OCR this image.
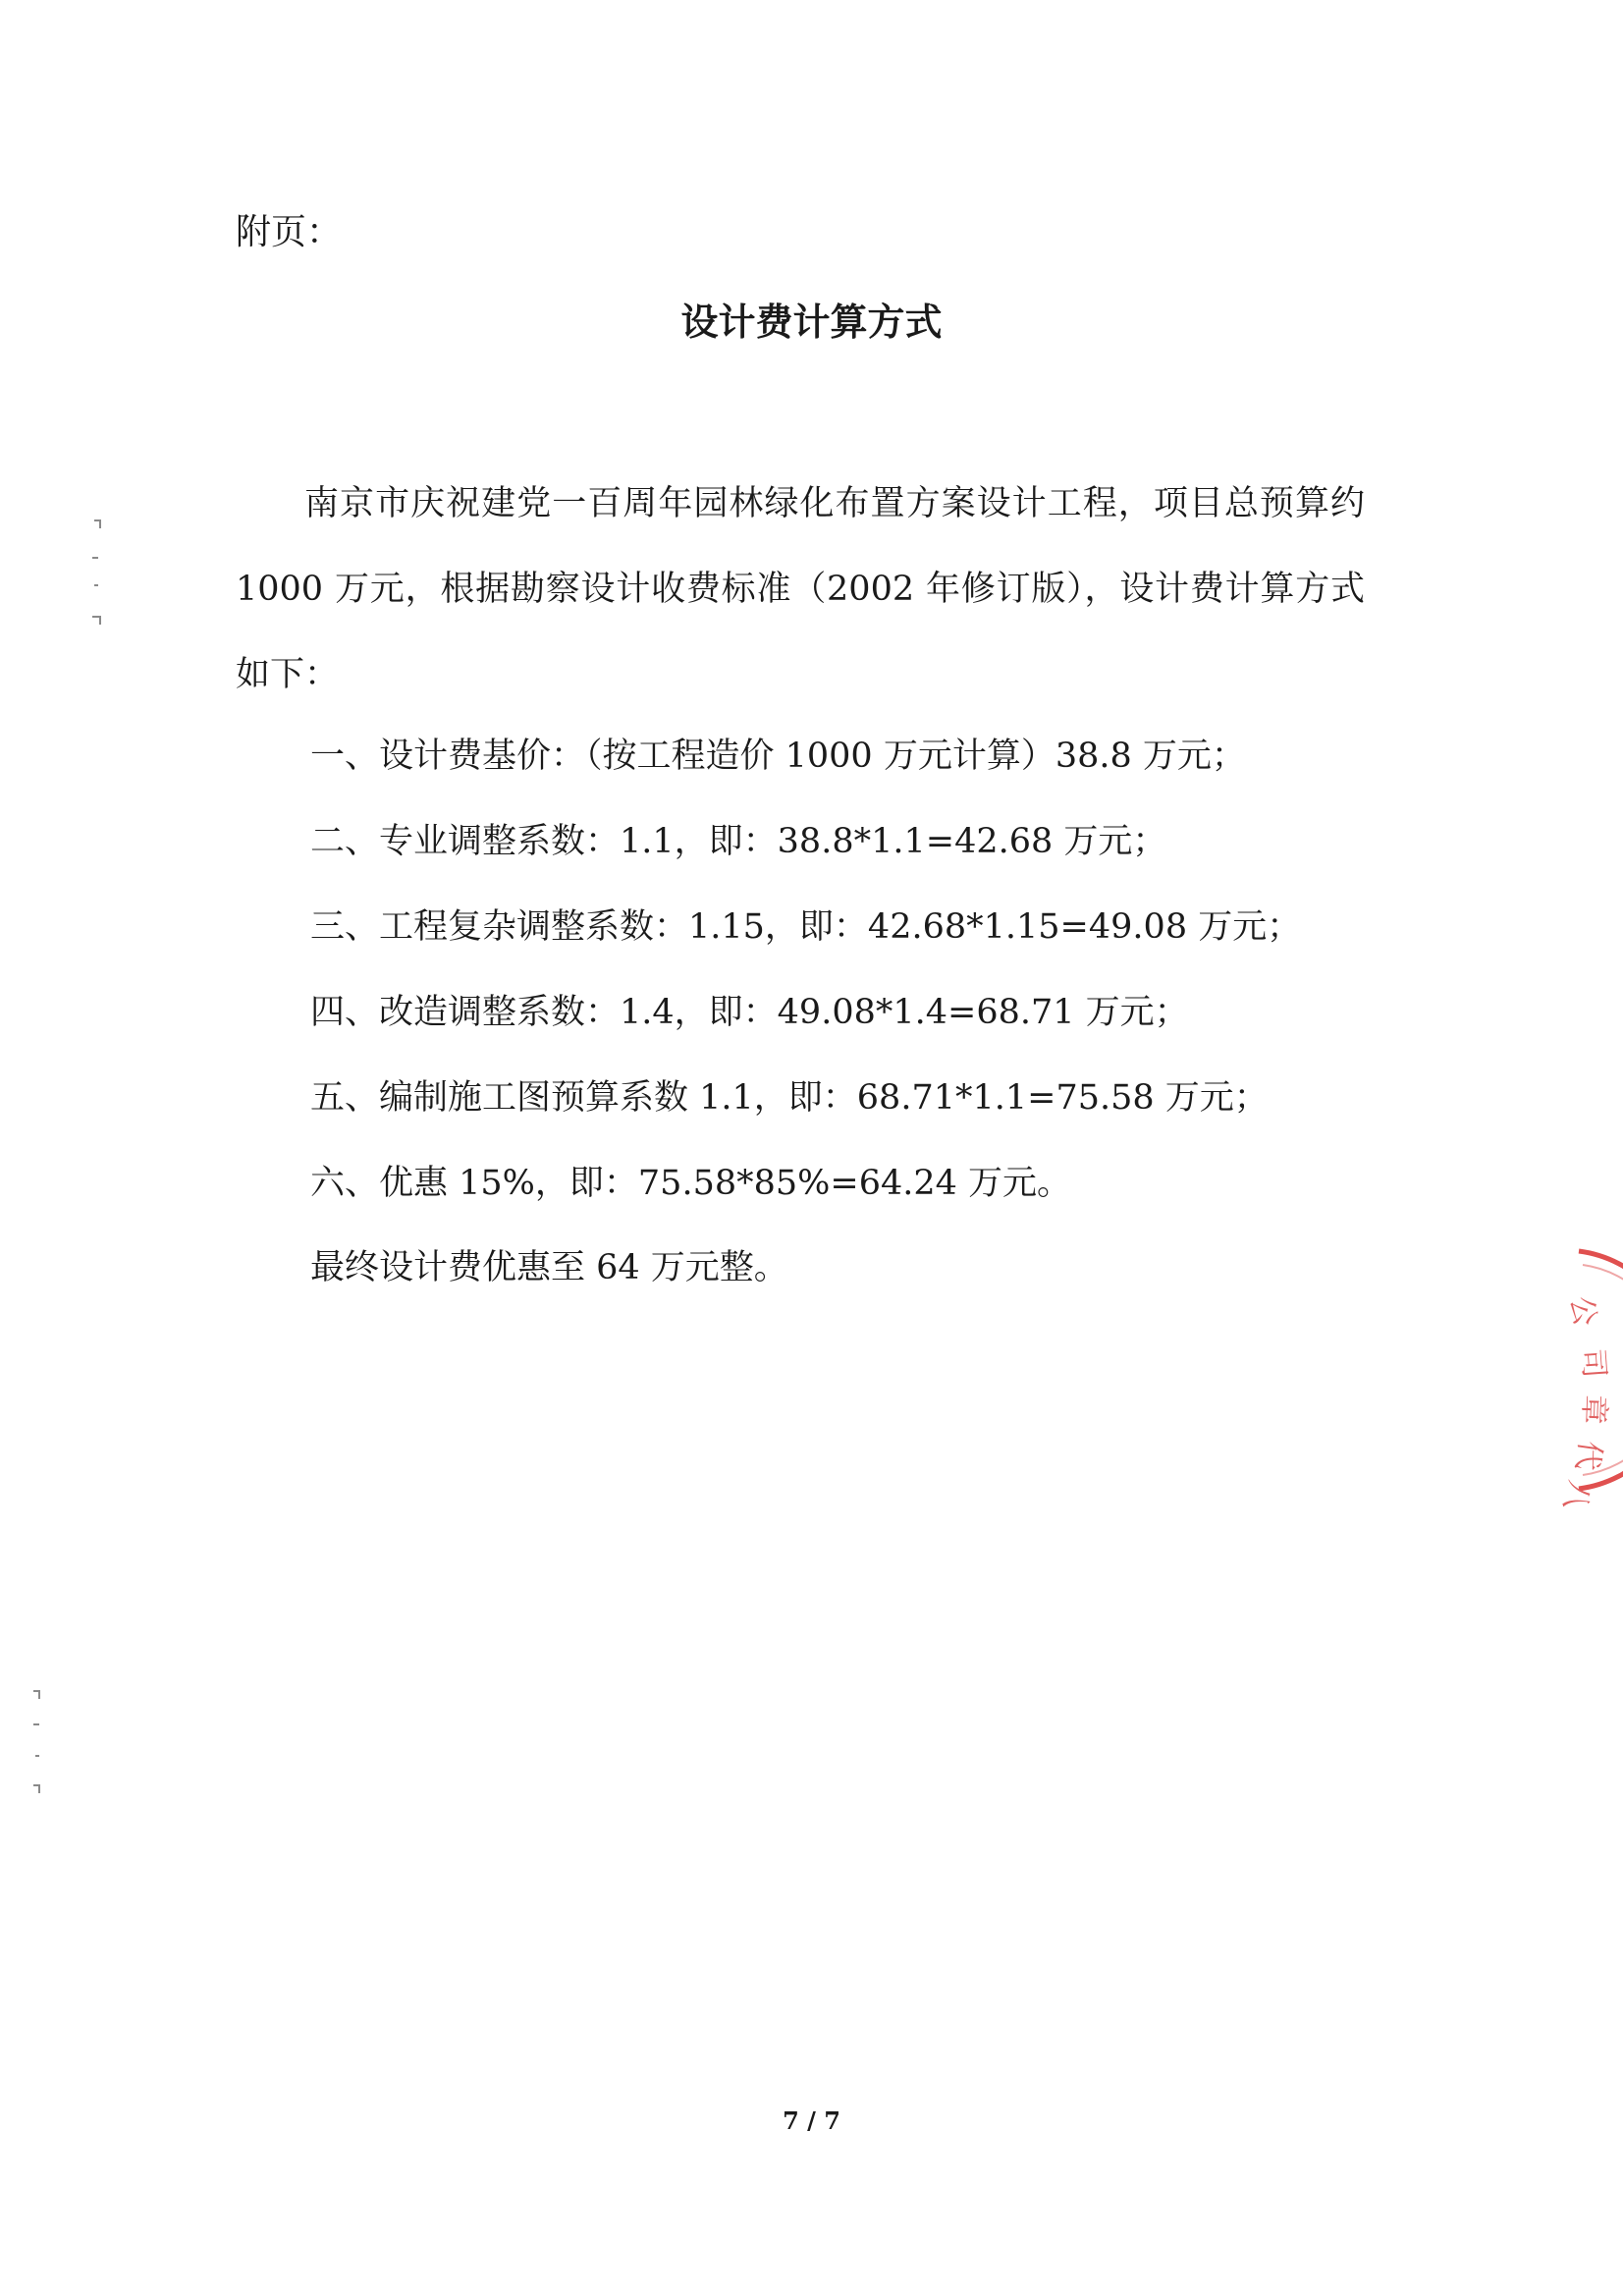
附页：
设计费计算方式

南京市庆祝建党一百周年园林绿化布置方案设计工程，项目总预算约 1000 万元，根据勘察设计收费标准（2002 年修订版），设计费计算方式如下：

一、设计费基价：（按工程造价 1000 万元计算）38.8 万元；
二、专业调整系数：1.1，即：38.8*1.1=42.68 万元；
三、工程复杂调整系数：1.15，即：42.68*1.15=49.08 万元；
四、改造调整系数：1.4，即：49.08*1.4=68.71 万元；
五、编制施工图预算系数 1.1，即：68.71*1.1=75.58 万元；
六、优惠 15%，即：75.58*85%=64.24 万元。
最终设计费优惠至 64 万元整。
7 / 7
公
司
章
代
八
